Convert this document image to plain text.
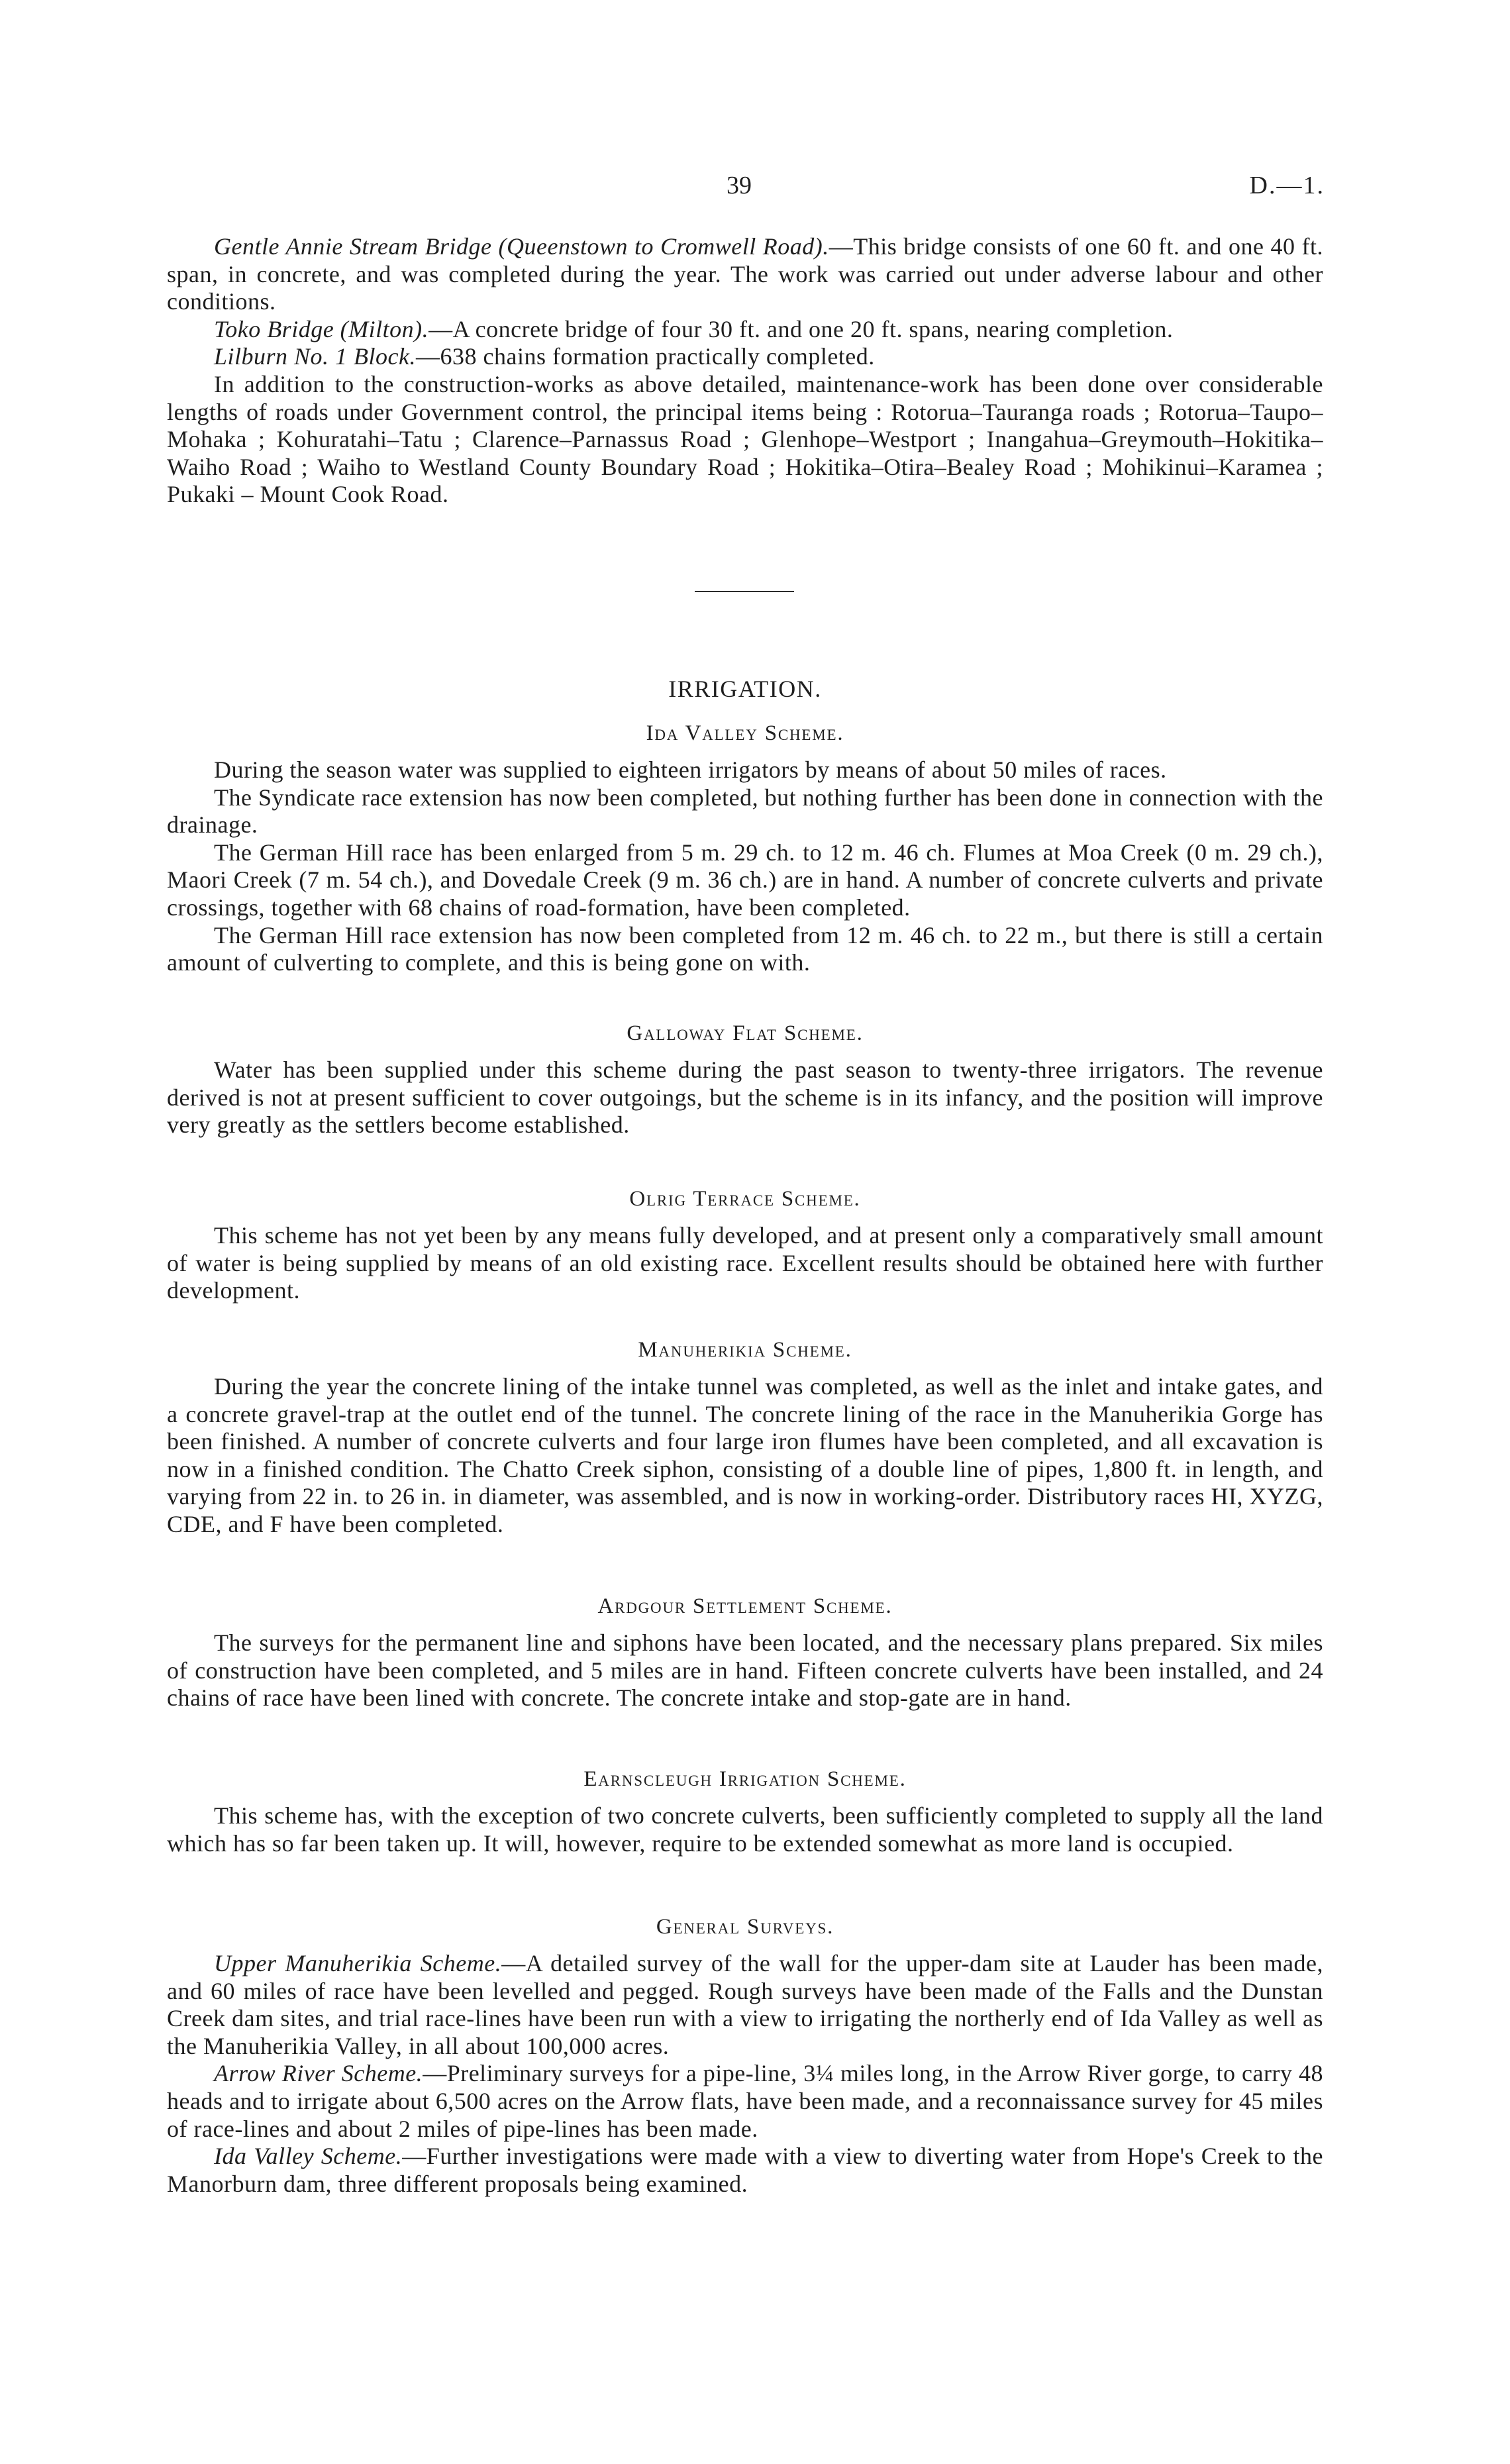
39	D.—1.

Gentle Annie Stream Bridge (Queenstown to Cromwell Road).—This bridge consists of one 60 ft. and one 40 ft. span, in concrete, and was completed during the year. The work was carried out under adverse labour and other conditions.

Toko Bridge (Milton).—A concrete bridge of four 30 ft. and one 20 ft. spans, nearing completion.

Lilburn No. 1 Block.—638 chains formation practically completed.

In addition to the construction-works as above detailed, maintenance-work has been done over considerable lengths of roads under Government control, the principal items being : Rotorua–Tauranga roads ; Rotorua–Taupo–Mohaka ; Kohuratahi–Tatu ; Clarence–Parnassus Road ; Glenhope–Westport ; Inangahua–Greymouth–Hokitika–Waiho Road ; Waiho to Westland County Boundary Road ; Hokitika–Otira–Bealey Road ; Mohikinui–Karamea ; Pukaki – Mount Cook Road.

IRRIGATION.
Ida Valley Scheme.

During the season water was supplied to eighteen irrigators by means of about 50 miles of races.

The Syndicate race extension has now been completed, but nothing further has been done in connection with the drainage.

The German Hill race has been enlarged from 5 m. 29 ch. to 12 m. 46 ch. Flumes at Moa Creek (0 m. 29 ch.), Maori Creek (7 m. 54 ch.), and Dovedale Creek (9 m. 36 ch.) are in hand. A number of concrete culverts and private crossings, together with 68 chains of road-formation, have been completed.

The German Hill race extension has now been completed from 12 m. 46 ch. to 22 m., but there is still a certain amount of culverting to complete, and this is being gone on with.

Galloway Flat Scheme.

Water has been supplied under this scheme during the past season to twenty-three irrigators. The revenue derived is not at present sufficient to cover outgoings, but the scheme is in its infancy, and the position will improve very greatly as the settlers become established.

Olrig Terrace Scheme.

This scheme has not yet been by any means fully developed, and at present only a comparatively small amount of water is being supplied by means of an old existing race. Excellent results should be obtained here with further development.

Manuherikia Scheme.

During the year the concrete lining of the intake tunnel was completed, as well as the inlet and intake gates, and a concrete gravel-trap at the outlet end of the tunnel. The concrete lining of the race in the Manuherikia Gorge has been finished. A number of concrete culverts and four large iron flumes have been completed, and all excavation is now in a finished condition. The Chatto Creek siphon, consisting of a double line of pipes, 1,800 ft. in length, and varying from 22 in. to 26 in. in diameter, was assembled, and is now in working-order. Distributory races HI, XYZG, CDE, and F have been completed.

Ardgour Settlement Scheme.

The surveys for the permanent line and siphons have been located, and the necessary plans prepared. Six miles of construction have been completed, and 5 miles are in hand. Fifteen concrete culverts have been installed, and 24 chains of race have been lined with concrete. The concrete intake and stop-gate are in hand.

Earnscleugh Irrigation Scheme.

This scheme has, with the exception of two concrete culverts, been sufficiently completed to supply all the land which has so far been taken up. It will, however, require to be extended somewhat as more land is occupied.

General Surveys.

Upper Manuherikia Scheme.—A detailed survey of the wall for the upper-dam site at Lauder has been made, and 60 miles of race have been levelled and pegged. Rough surveys have been made of the Falls and the Dunstan Creek dam sites, and trial race-lines have been run with a view to irrigating the northerly end of Ida Valley as well as the Manuherikia Valley, in all about 100,000 acres.

Arrow River Scheme.—Preliminary surveys for a pipe-line, 3¼ miles long, in the Arrow River gorge, to carry 48 heads and to irrigate about 6,500 acres on the Arrow flats, have been made, and a reconnaissance survey for 45 miles of race-lines and about 2 miles of pipe-lines has been made.

Ida Valley Scheme.—Further investigations were made with a view to diverting water from Hope's Creek to the Manorburn dam, three different proposals being examined.
